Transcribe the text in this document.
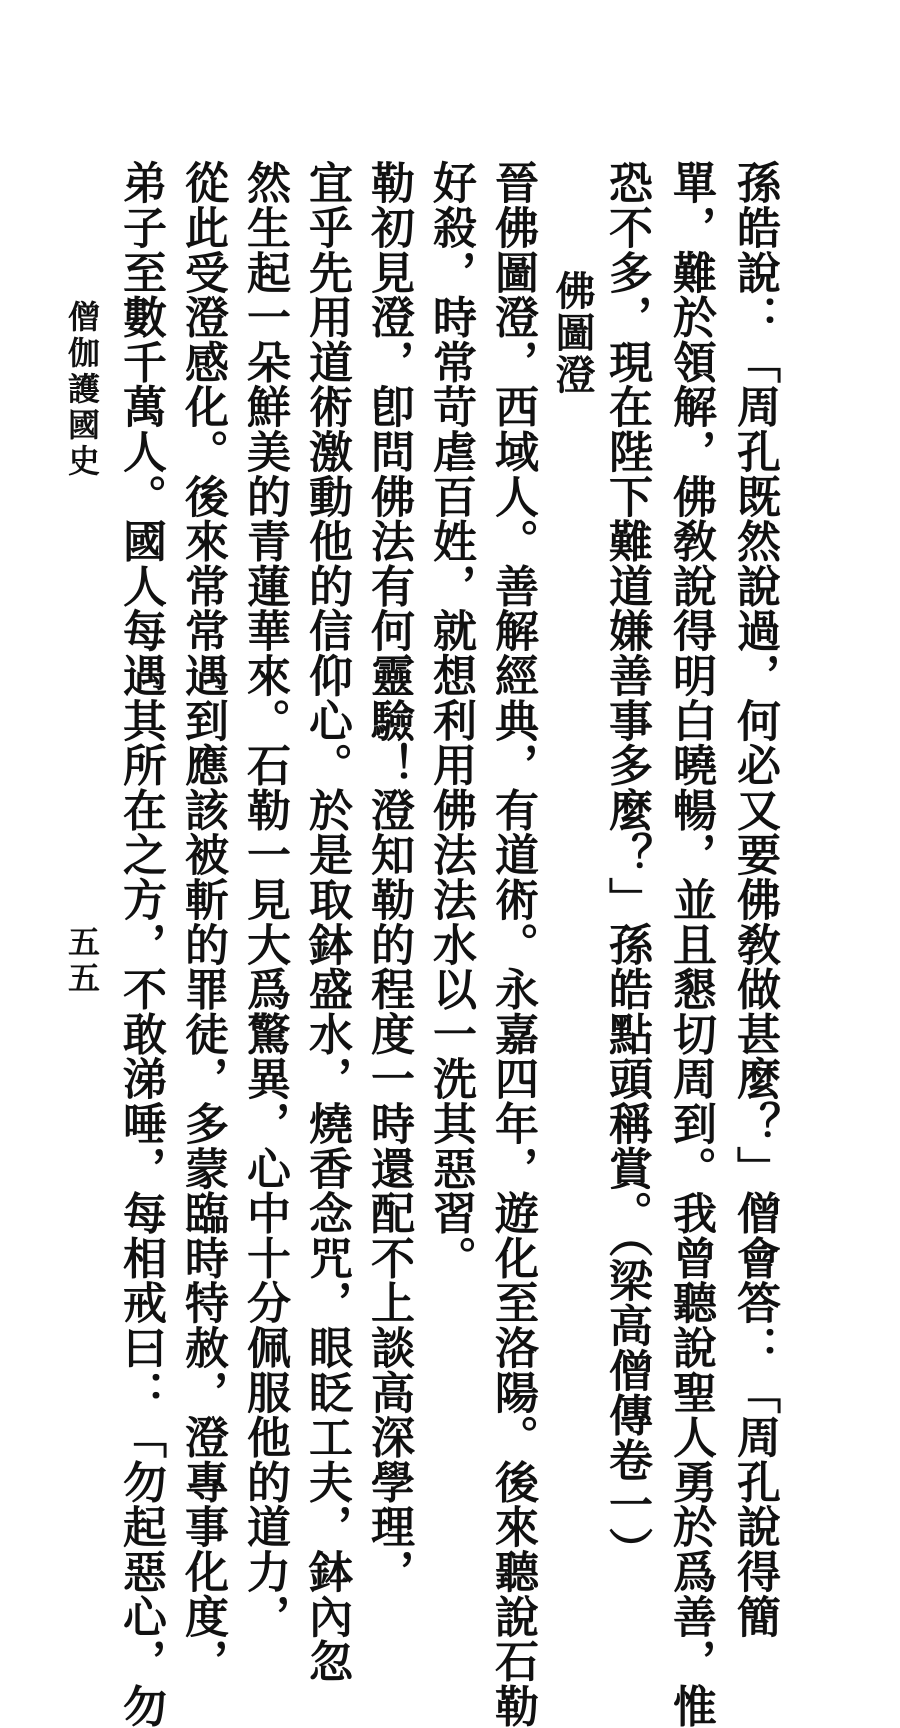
孫皓說：「周孔既然說過，何必又要佛敎做甚麼？」僧會答：「周孔說得簡
單，難於領解，佛敎說得明白曉暢，並且懇切周到。我曾聽說聖人勇於爲善，惟
恐不多，現在陛下難道嫌善事多麼？」孫皓點頭稱賞。（梁高僧傳卷一）
佛圖澄
晉佛圖澄，西域人。善解經典，有道術。永嘉四年，遊化至洛陽。後來聽說石勒
好殺，時常苛虐百姓，就想利用佛法法水以一洗其惡習。
勒初見澄，卽問佛法有何靈驗！澄知勒的程度一時還配不上談高深學理，
宜乎先用道術激動他的信仰心。於是取鉢盛水，燒香念咒，眼眨工夫，鉢內忽
然生起一朵鮮美的青蓮華來。石勒一見大爲驚異，心中十分佩服他的道力，
從此受澄感化。後來常常遇到應該被斬的罪徒，多蒙臨時特赦，澄專事化度，
弟子至數千萬人。國人每遇其所在之方，不敢涕唾，每相戒曰：「勿起惡心，勿
僧伽護國史
五五
